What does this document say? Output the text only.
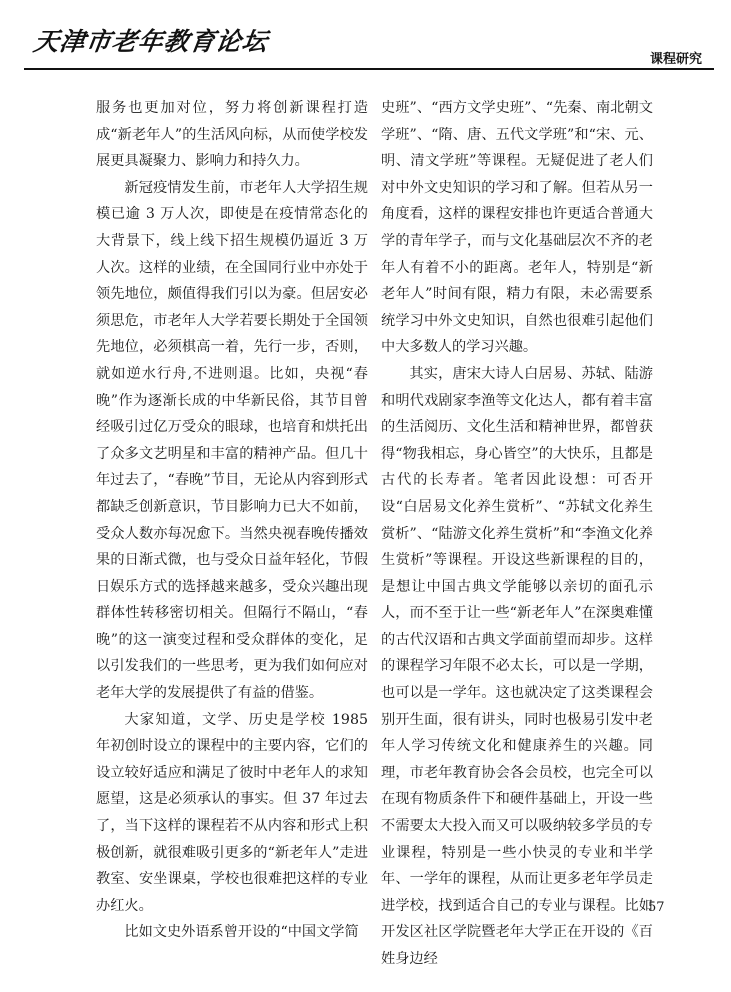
天津市老年教育论坛
课程研究

服务也更加对位，努力将创新课程打造成“新老年人”的生活风向标，从而使学校发展更具凝聚力、影响力和持久力。

新冠疫情发生前，市老年人大学招生规模已逾 3 万人次，即使是在疫情常态化的大背景下，线上线下招生规模仍逼近 3 万人次。这样的业绩，在全国同行业中亦处于领先地位，颇值得我们引以为豪。但居安必须思危，市老年人大学若要长期处于全国领先地位，必须棋高一着，先行一步，否则，就如逆水行舟,不进则退。比如，央视“春晚”作为逐渐长成的中华新民俗，其节目曾经吸引过亿万受众的眼球，也培育和烘托出了众多文艺明星和丰富的精神产品。但几十年过去了，“春晚”节目，无论从内容到形式都缺乏创新意识，节目影响力已大不如前，受众人数亦每况愈下。当然央视春晚传播效果的日渐式微，也与受众日益年轻化，节假日娱乐方式的选择越来越多，受众兴趣出现群体性转移密切相关。但隔行不隔山，“春晚”的这一演变过程和受众群体的变化，足以引发我们的一些思考，更为我们如何应对老年大学的发展提供了有益的借鉴。

大家知道，文学、历史是学校 1985 年初创时设立的课程中的主要内容，它们的设立较好适应和满足了彼时中老年人的求知愿望，这是必须承认的事实。但 37 年过去了，当下这样的课程若不从内容和形式上积极创新，就很难吸引更多的“新老年人”走进教室、安坐课桌，学校也很难把这样的专业办红火。

比如文史外语系曾开设的“中国文学简

史班”、“西方文学史班”、“先秦、南北朝文学班”、“隋、唐、五代文学班”和“宋、元、明、清文学班”等课程。无疑促进了老人们对中外文史知识的学习和了解。但若从另一角度看，这样的课程安排也许更适合普通大学的青年学子，而与文化基础层次不齐的老年人有着不小的距离。老年人，特别是“新老年人”时间有限，精力有限，未必需要系统学习中外文史知识，自然也很难引起他们中大多数人的学习兴趣。

其实，唐宋大诗人白居易、苏轼、陆游和明代戏剧家李渔等文化达人，都有着丰富的生活阅历、文化生活和精神世界，都曾获得“物我相忘，身心皆空”的大快乐，且都是古代的长寿者。笔者因此设想：可否开设“白居易文化养生赏析”、“苏轼文化养生赏析”、“陆游文化养生赏析”和“李渔文化养生赏析”等课程。开设这些新课程的目的，是想让中国古典文学能够以亲切的面孔示人，而不至于让一些“新老年人”在深奥难懂的古代汉语和古典文学面前望而却步。这样的课程学习年限不必太长，可以是一学期，也可以是一学年。这也就决定了这类课程会别开生面，很有讲头，同时也极易引发中老年人学习传统文化和健康养生的兴趣。同理，市老年教育协会各会员校，也完全可以在现有物质条件下和硬件基础上，开设一些不需要太大投入而又可以吸纳较多学员的专业课程，特别是一些小快灵的专业和半学年、一学年的课程，从而让更多老年学员走进学校，找到适合自己的专业与课程。比如开发区社区学院暨老年大学正在开设的《百姓身边经

57
